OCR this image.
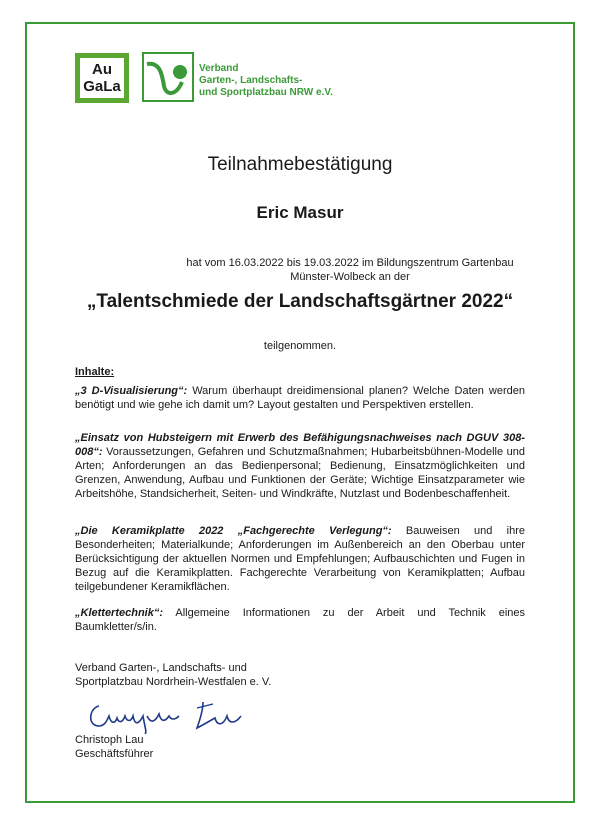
Au
GaLa
Verband
Garten-, Landschafts-
und Sportplatzbau NRW e.V.
Teilnahmebestätigung
Eric Masur
hat vom 16.03.2022 bis 19.03.2022 im Bildungszentrum Gartenbau
Münster-Wolbeck an der
„Talentschmiede der Landschaftsgärtner 2022“
teilgenommen.
Inhalte:
„3 D-Visualisierung“: Warum überhaupt dreidimensional planen? Welche Daten werden benötigt und wie gehe ich damit um? Layout gestalten und Perspektiven erstellen.
„Einsatz von Hubsteigern mit Erwerb des Befähigungsnachweises nach DGUV 308-008“: Voraussetzungen, Gefahren und Schutzmaßnahmen; Hubarbeitsbühnen-Modelle und Arten; Anforderungen an das Bedienpersonal; Bedienung, Einsatzmöglichkeiten und Grenzen, Anwendung, Aufbau und Funktionen der Geräte; Wichtige Einsatzparameter wie Arbeitshöhe, Standsicherheit, Seiten- und Windkräfte, Nutzlast und Bodenbeschaffenheit.
„Die Keramikplatte 2022 „Fachgerechte Verlegung“: Bauweisen und ihre Besonderheiten; Materialkunde; Anforderungen im Außenbereich an den Oberbau unter Berücksichtigung der aktuellen Normen und Empfehlungen; Aufbauschichten und Fugen in Bezug auf die Keramikplatten. Fachgerechte Verarbeitung von Keramikplatten; Aufbau teilgebundener Keramikflächen.
„Klettertechnik“: Allgemeine Informationen zu der Arbeit und Technik eines Baumkletter/s/in.
Verband Garten-, Landschafts- und
Sportplatzbau Nordrhein-Westfalen e. V.
Christoph Lau
Geschäftsführer
